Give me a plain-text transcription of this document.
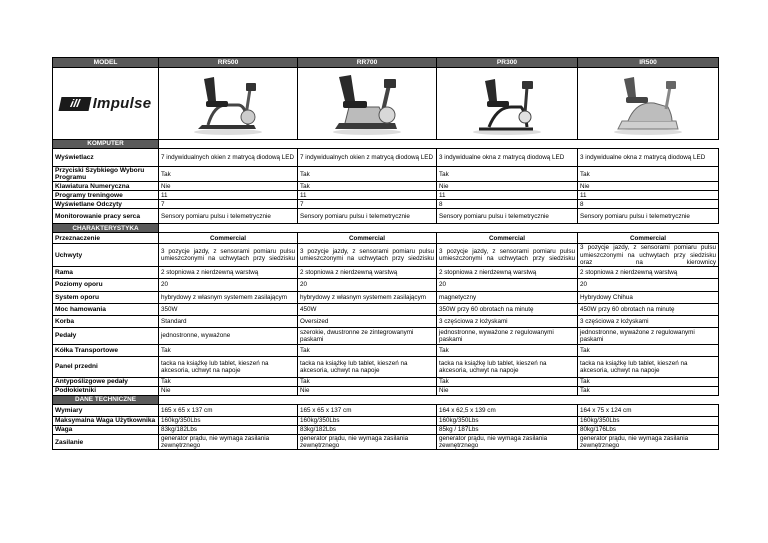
MODEL	RR500	RR700	PR300	IR500

ill Impulse

KOMPUTER				
Wyświetlacz	7 indywidualnych okien z matrycą diodową LED	7 indywidualnych okien z matrycą diodową LED	3 indywidualne okna z matrycą diodową LED	3 indywidualne okna z matrycą diodową LED
Przyciski Szybkiego Wyboru Programu	Tak	Tak	Tak	Tak
Klawiatura Numeryczna	Nie	Tak	Nie	Nie
Programy treningowe	11	11	11	11
Wyświetlane Odczyty	7	7	8	8
Monitorowanie pracy serca	Sensory pomiaru pulsu i telemetrycznie	Sensory pomiaru pulsu i telemetrycznie	Sensory pomiaru pulsu i telemetrycznie	Sensory pomiaru pulsu i telemetrycznie
CHARAKTERYSTYKA				
Przeznaczenie	Commercial	Commercial	Commercial	Commercial
Uchwyty	3 pozycje jazdy, z sensorami pomiaru pulsu umieszczonymi na uchwytach przy siedzisku	3 pozycje jazdy, z sensorami pomiaru pulsu umieszczonymi na uchwytach przy siedzisku	3 pozycje jazdy, z sensorami pomiaru pulsu umieszczonymi na uchwytach przy siedzisku	3 pozycje jazdy, z sensorami pomiaru pulsu umieszczonymi na uchwytach przy siedzisku oraz na kierownicy
Rama	2 stopniowa z nierdzewną warstwą	2 stopniowa z nierdzewną warstwą	2 stopniowa z nierdzewną warstwą	2 stopniowa z nierdzewną warstwą
Poziomy oporu	20	20	20	20
System oporu	hybrydowy z własnym systemem zasilającym	hybrydowy z własnym systemem zasilającym	magnetyczny	Hybrydowy Chihua
Moc hamowania	350W	450W	350W przy 60 obrotach na minutę	450W przy 60 obrotach na minutę
Korba	Standard	Oversized	3 częściowa z łożyskami	3 częściowa z łożyskami
Pedały	jednostronne, wyważone	szerokie, dwustronne ze zintegrowanymi paskami	jednostronne, wyważone z regulowanymi paskami	jednostronne, wyważone z regulowanymi paskami
Kółka Transportowe	Tak	Tak	Tak	Tak
Panel przedni	tacka na książkę lub tablet, kieszeń na akcesoria, uchwyt na napoje	tacka na książkę lub tablet, kieszeń na akcesoria, uchwyt na napoje	tacka na książkę lub tablet, kieszeń na akcesoria, uchwyt na napoje	tacka na książkę lub tablet, kieszeń na akcesoria, uchwyt na napoje
Antypoślizgowe pedały	Tak	Tak	Tak	Tak
Podłokietniki	Nie	Nie	Nie	Tak
DANE TECHNICZNE				
Wymiary	165 x 65 x 137 cm	165 x 65 x 137 cm	164 x 62,5 x 139 cm	164 x 75 x 124 cm
Maksymalna Waga Użytkownika	160kg/350Lbs	160kg/350Lbs	160kg/350Lbs	160kg/350Lbs
Waga	83kg/182Lbs	83kg/182Lbs	85kg / 187Lbs	80kg/176Lbs
Zasilanie	generator prądu, nie wymaga zasilania zewnętrznego	generator prądu, nie wymaga zasilania zewnętrznego	generator prądu, nie wymaga zasilania zewnętrznego	generator prądu, nie wymaga zasilania zewnętrznego
